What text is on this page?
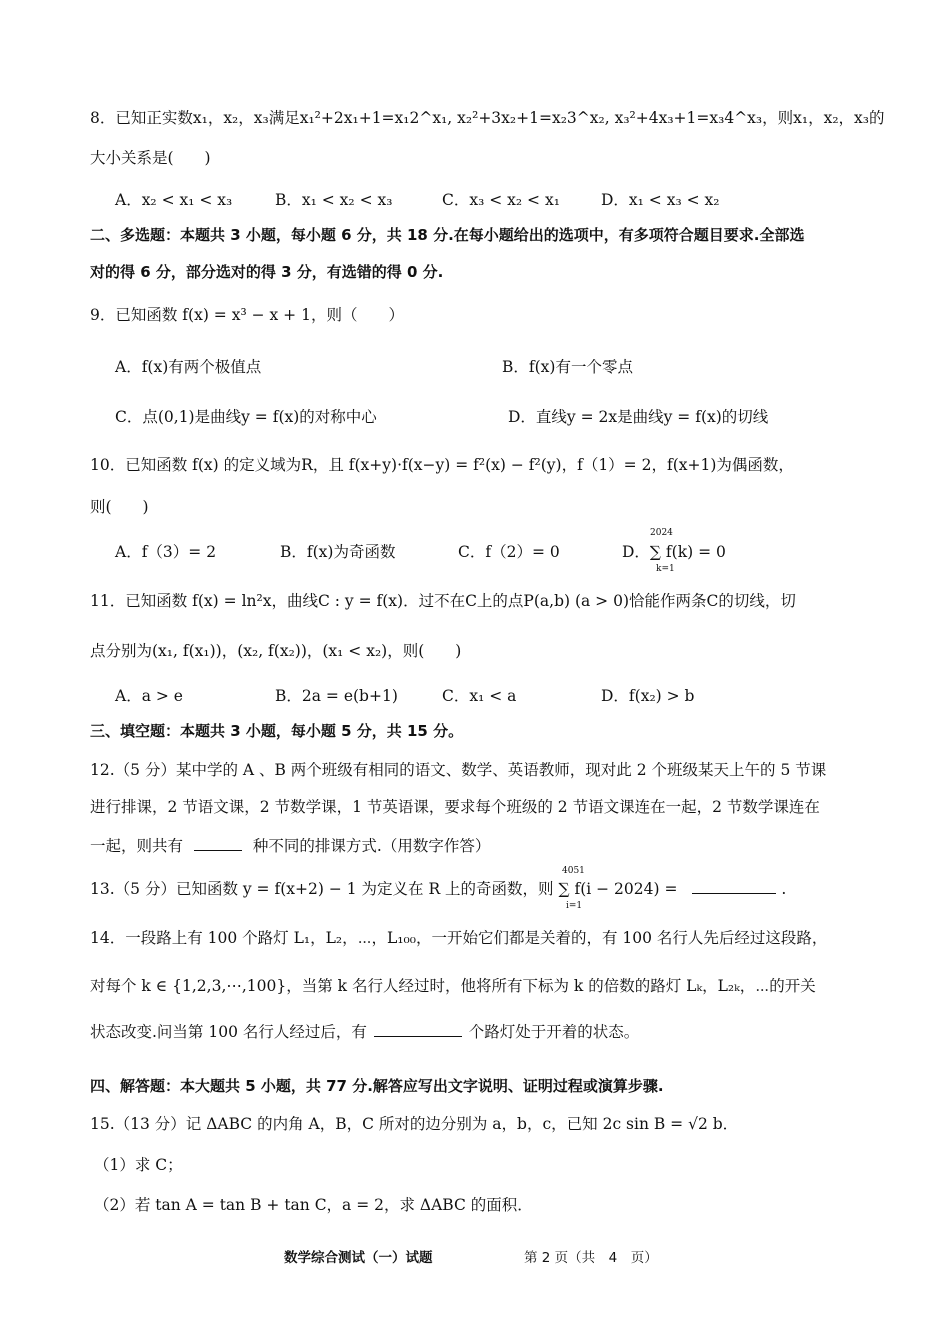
8．已知正实数x₁，x₂，x₃满足x₁²+2x₁+1=x₁2^x₁, x₂²+3x₂+1=x₂3^x₂, x₃²+4x₃+1=x₃4^x₃，则x₁，x₂，x₃的
大小关系是(　　)
A．x₂ < x₁ < x₃	B．x₁ < x₂ < x₃	C．x₃ < x₂ < x₁	D．x₁ < x₃ < x₂
二、多选题：本题共 3 小题，每小题 6 分，共 18 分.在每小题给出的选项中，有多项符合题目要求.全部选
对的得 6 分，部分选对的得 3 分，有选错的得 0 分.
9．已知函数 f(x) = x³ − x + 1，则（　　）
A．f(x)有两个极值点	B．f(x)有一个零点
C．点(0,1)是曲线y = f(x)的对称中心	D．直线y = 2x是曲线y = f(x)的切线
10．已知函数 f(x) 的定义域为R，且 f(x+y)·f(x−y) = f²(x) − f²(y)，f（1）= 2，f(x+1)为偶函数，
则(　　)
A．f（3）= 2	B．f(x)为奇函数	C．f（2）= 0	D．∑ f(k) = 0
2024
k=1
11．已知函数 f(x) = ln²x，曲线C : y = f(x)．过不在C上的点P(a,b) (a > 0)恰能作两条C的切线，切
点分别为(x₁, f(x₁))，(x₂, f(x₂))，(x₁ < x₂)，则(　　)
A．a > e	B．2a = e(b+1)	C．x₁ < a	D．f(x₂) > b
三、填空题：本题共 3 小题，每小题 5 分，共 15 分。
12.（5 分）某中学的 A 、B 两个班级有相同的语文、数学、英语教师，现对此 2 个班级某天上午的 5 节课
进行排课，2 节语文课，2 节数学课，1 节英语课，要求每个班级的 2 节语文课连在一起，2 节数学课连在
一起，则共有	种不同的排课方式.（用数字作答）
13.（5 分）已知函数 y = f(x+2) − 1 为定义在 R 上的奇函数，则 ∑ f(i − 2024) =	.
4051
i=1
14．一段路上有 100 个路灯 L₁，L₂，⋯，L₁₀₀，一开始它们都是关着的，有 100 名行人先后经过这段路，
对每个 k ∈ {1,2,3,⋯,100}，当第 k 名行人经过时，他将所有下标为 k 的倍数的路灯 Lₖ，L₂ₖ，⋯的开关
状态改变.问当第 100 名行人经过后，有	个路灯处于开着的状态。
四、解答题：本大题共 5 小题，共 77 分.解答应写出文字说明、证明过程或演算步骤.
15.（13 分）记 ΔABC 的内角 A，B，C 所对的边分别为 a，b，c，已知 2c sin B = √2 b．
（1）求 C；
（2）若 tan A = tan B + tan C，a = 2，求 ΔABC 的面积．
数学综合测试（一）试题	第 2 页（共　4　页）
